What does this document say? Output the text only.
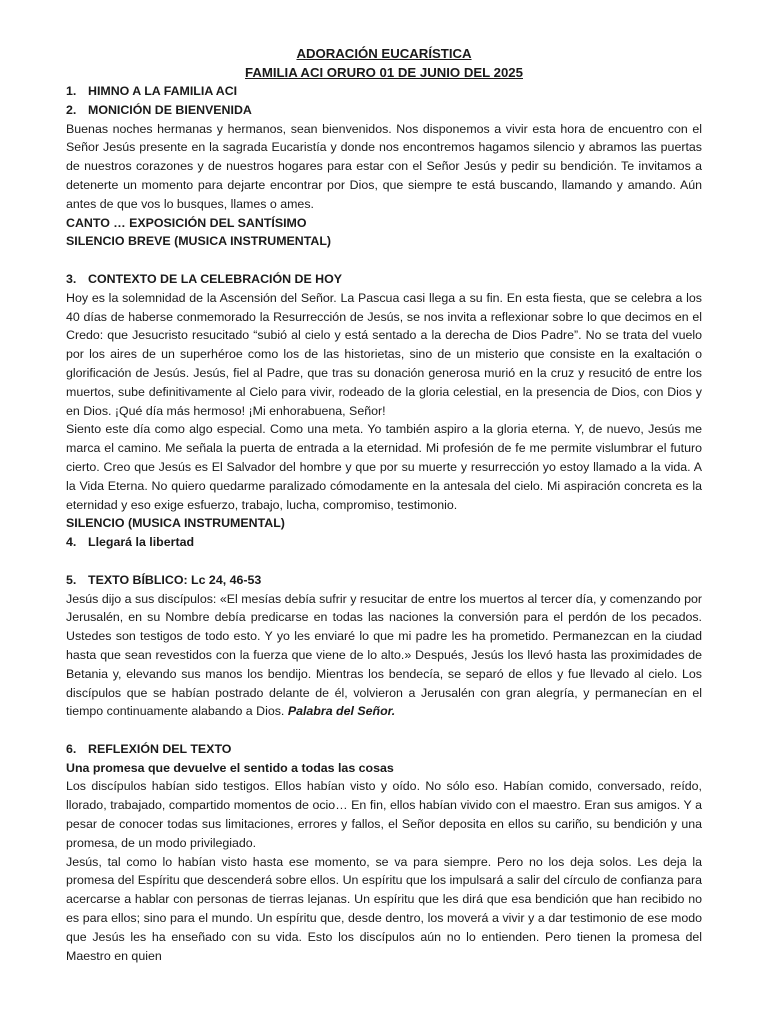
ADORACIÓN EUCARÍSTICA

FAMILIA ACI ORURO 01 DE JUNIO DEL 2025

1. HIMNO A LA FAMILIA ACI

2. MONICIÓN DE BIENVENIDA

Buenas noches hermanas y hermanos, sean bienvenidos. Nos disponemos a vivir esta hora de encuentro con el Señor Jesús presente en la sagrada Eucaristía y donde nos encontremos hagamos silencio y abramos las puertas de nuestros corazones y de nuestros hogares para estar con el Señor Jesús y pedir su bendición. Te invitamos a detenerte un momento para dejarte encontrar por Dios, que siempre te está buscando, llamando y amando. Aún antes de que vos lo busques, llames o ames.

CANTO … EXPOSICIÓN DEL SANTÍSIMO

SILENCIO BREVE (MUSICA INSTRUMENTAL)

3. CONTEXTO DE LA CELEBRACIÓN DE HOY

Hoy es la solemnidad de la Ascensión del Señor. La Pascua casi llega a su fin. En esta fiesta, que se celebra a los 40 días de haberse conmemorado la Resurrección de Jesús, se nos invita a reflexionar sobre lo que decimos en el Credo: que Jesucristo resucitado “subió al cielo y está sentado a la derecha de Dios Padre”. No se trata del vuelo por los aires de un superhéroe como los de las historietas, sino de un misterio que consiste en la exaltación o glorificación de Jesús. Jesús, fiel al Padre, que tras su donación generosa murió en la cruz y resucitó de entre los muertos, sube definitivamente al Cielo para vivir, rodeado de la gloria celestial, en la presencia de Dios, con Dios y en Dios. ¡Qué día más hermoso! ¡Mi enhorabuena, Señor!

Siento este día como algo especial. Como una meta. Yo también aspiro a la gloria eterna. Y, de nuevo, Jesús me marca el camino. Me señala la puerta de entrada a la eternidad. Mi profesión de fe me permite vislumbrar el futuro cierto. Creo que Jesús es El Salvador del hombre y que por su muerte y resurrección yo estoy llamado a la vida. A la Vida Eterna. No quiero quedarme paralizado cómodamente en la antesala del cielo. Mi aspiración concreta es la eternidad y eso exige esfuerzo, trabajo, lucha, compromiso, testimonio.

SILENCIO (MUSICA INSTRUMENTAL)

4. Llegará la libertad

5. TEXTO BÍBLICO: Lc 24, 46-53

Jesús dijo a sus discípulos: «El mesías debía sufrir y resucitar de entre los muertos al tercer día, y comenzando por Jerusalén, en su Nombre debía predicarse en todas las naciones la conversión para el perdón de los pecados. Ustedes son testigos de todo esto. Y yo les enviaré lo que mi padre les ha prometido. Permanezcan en la ciudad hasta que sean revestidos con la fuerza que viene de lo alto.» Después, Jesús los llevó hasta las proximidades de Betania y, elevando sus manos los bendijo. Mientras los bendecía, se separó de ellos y fue llevado al cielo. Los discípulos que se habían postrado delante de él, volvieron a Jerusalén con gran alegría, y permanecían en el tiempo continuamente alabando a Dios. Palabra del Señor.

6. REFLEXIÓN DEL TEXTO

Una promesa que devuelve el sentido a todas las cosas

Los discípulos habían sido testigos. Ellos habían visto y oído. No sólo eso. Habían comido, conversado, reído, llorado, trabajado, compartido momentos de ocio… En fin, ellos habían vivido con el maestro. Eran sus amigos. Y a pesar de conocer todas sus limitaciones, errores y fallos, el Señor deposita en ellos su cariño, su bendición y una promesa, de un modo privilegiado.

Jesús, tal como lo habían visto hasta ese momento, se va para siempre. Pero no los deja solos. Les deja la promesa del Espíritu que descenderá sobre ellos. Un espíritu que los impulsará a salir del círculo de confianza para acercarse a hablar con personas de tierras lejanas. Un espíritu que les dirá que esa bendición que han recibido no es para ellos; sino para el mundo. Un espíritu que, desde dentro, los moverá a vivir y a dar testimonio de ese modo que Jesús les ha enseñado con su vida. Esto los discípulos aún no lo entienden. Pero tienen la promesa del Maestro en quien
